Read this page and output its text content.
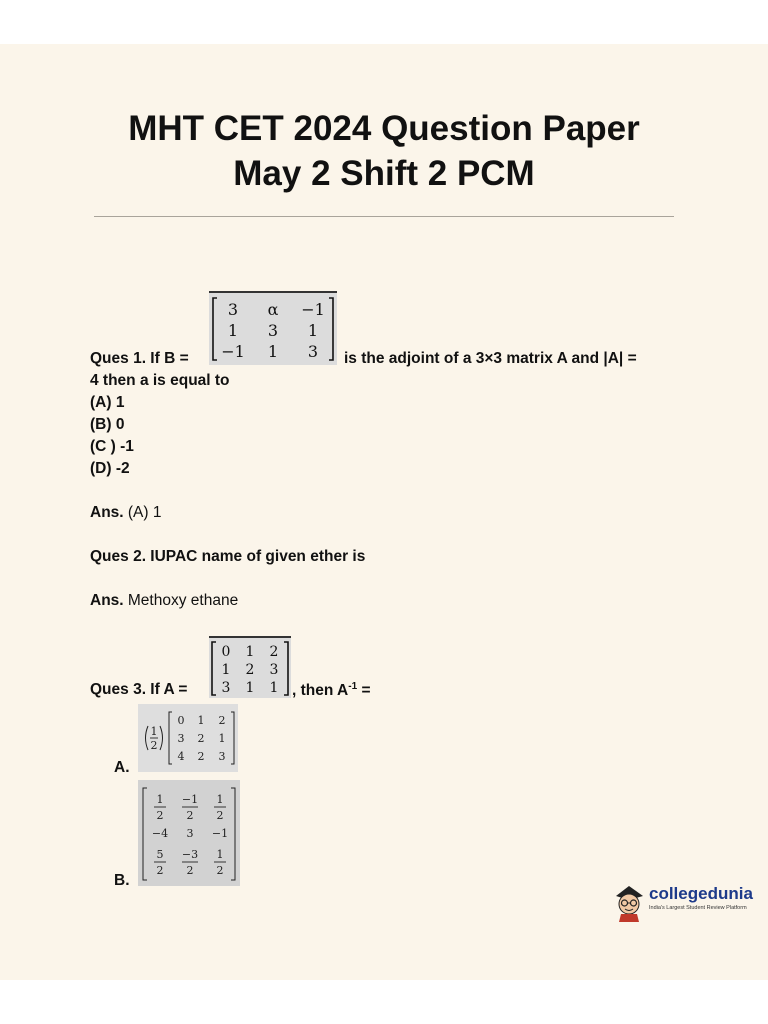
MHT CET 2024 Question Paper
May 2 Shift 2 PCM
3 α −1
1 3 1
−1 1 3
Ques 1. If B =	is the adjoint of a 3×3 matrix A and |A| =
4 then a is equal to
(A) 1
(B) 0
(C ) -1
(D) -2
Ans. (A) 1
Ques 2. IUPAC name of given ether is
Ans. Methoxy ethane
0 1 2
1 2 3
3 1 1
Ques 3. If A =	, then $A^{-1}$ =
1
2
0 1 2
3 2 1
4 2 3
A.
1
2
−1
2
1
2
−4 3 −1
5
2
−3
2
1
2
B.
collegedunia
India's Largest Student Review Platform
